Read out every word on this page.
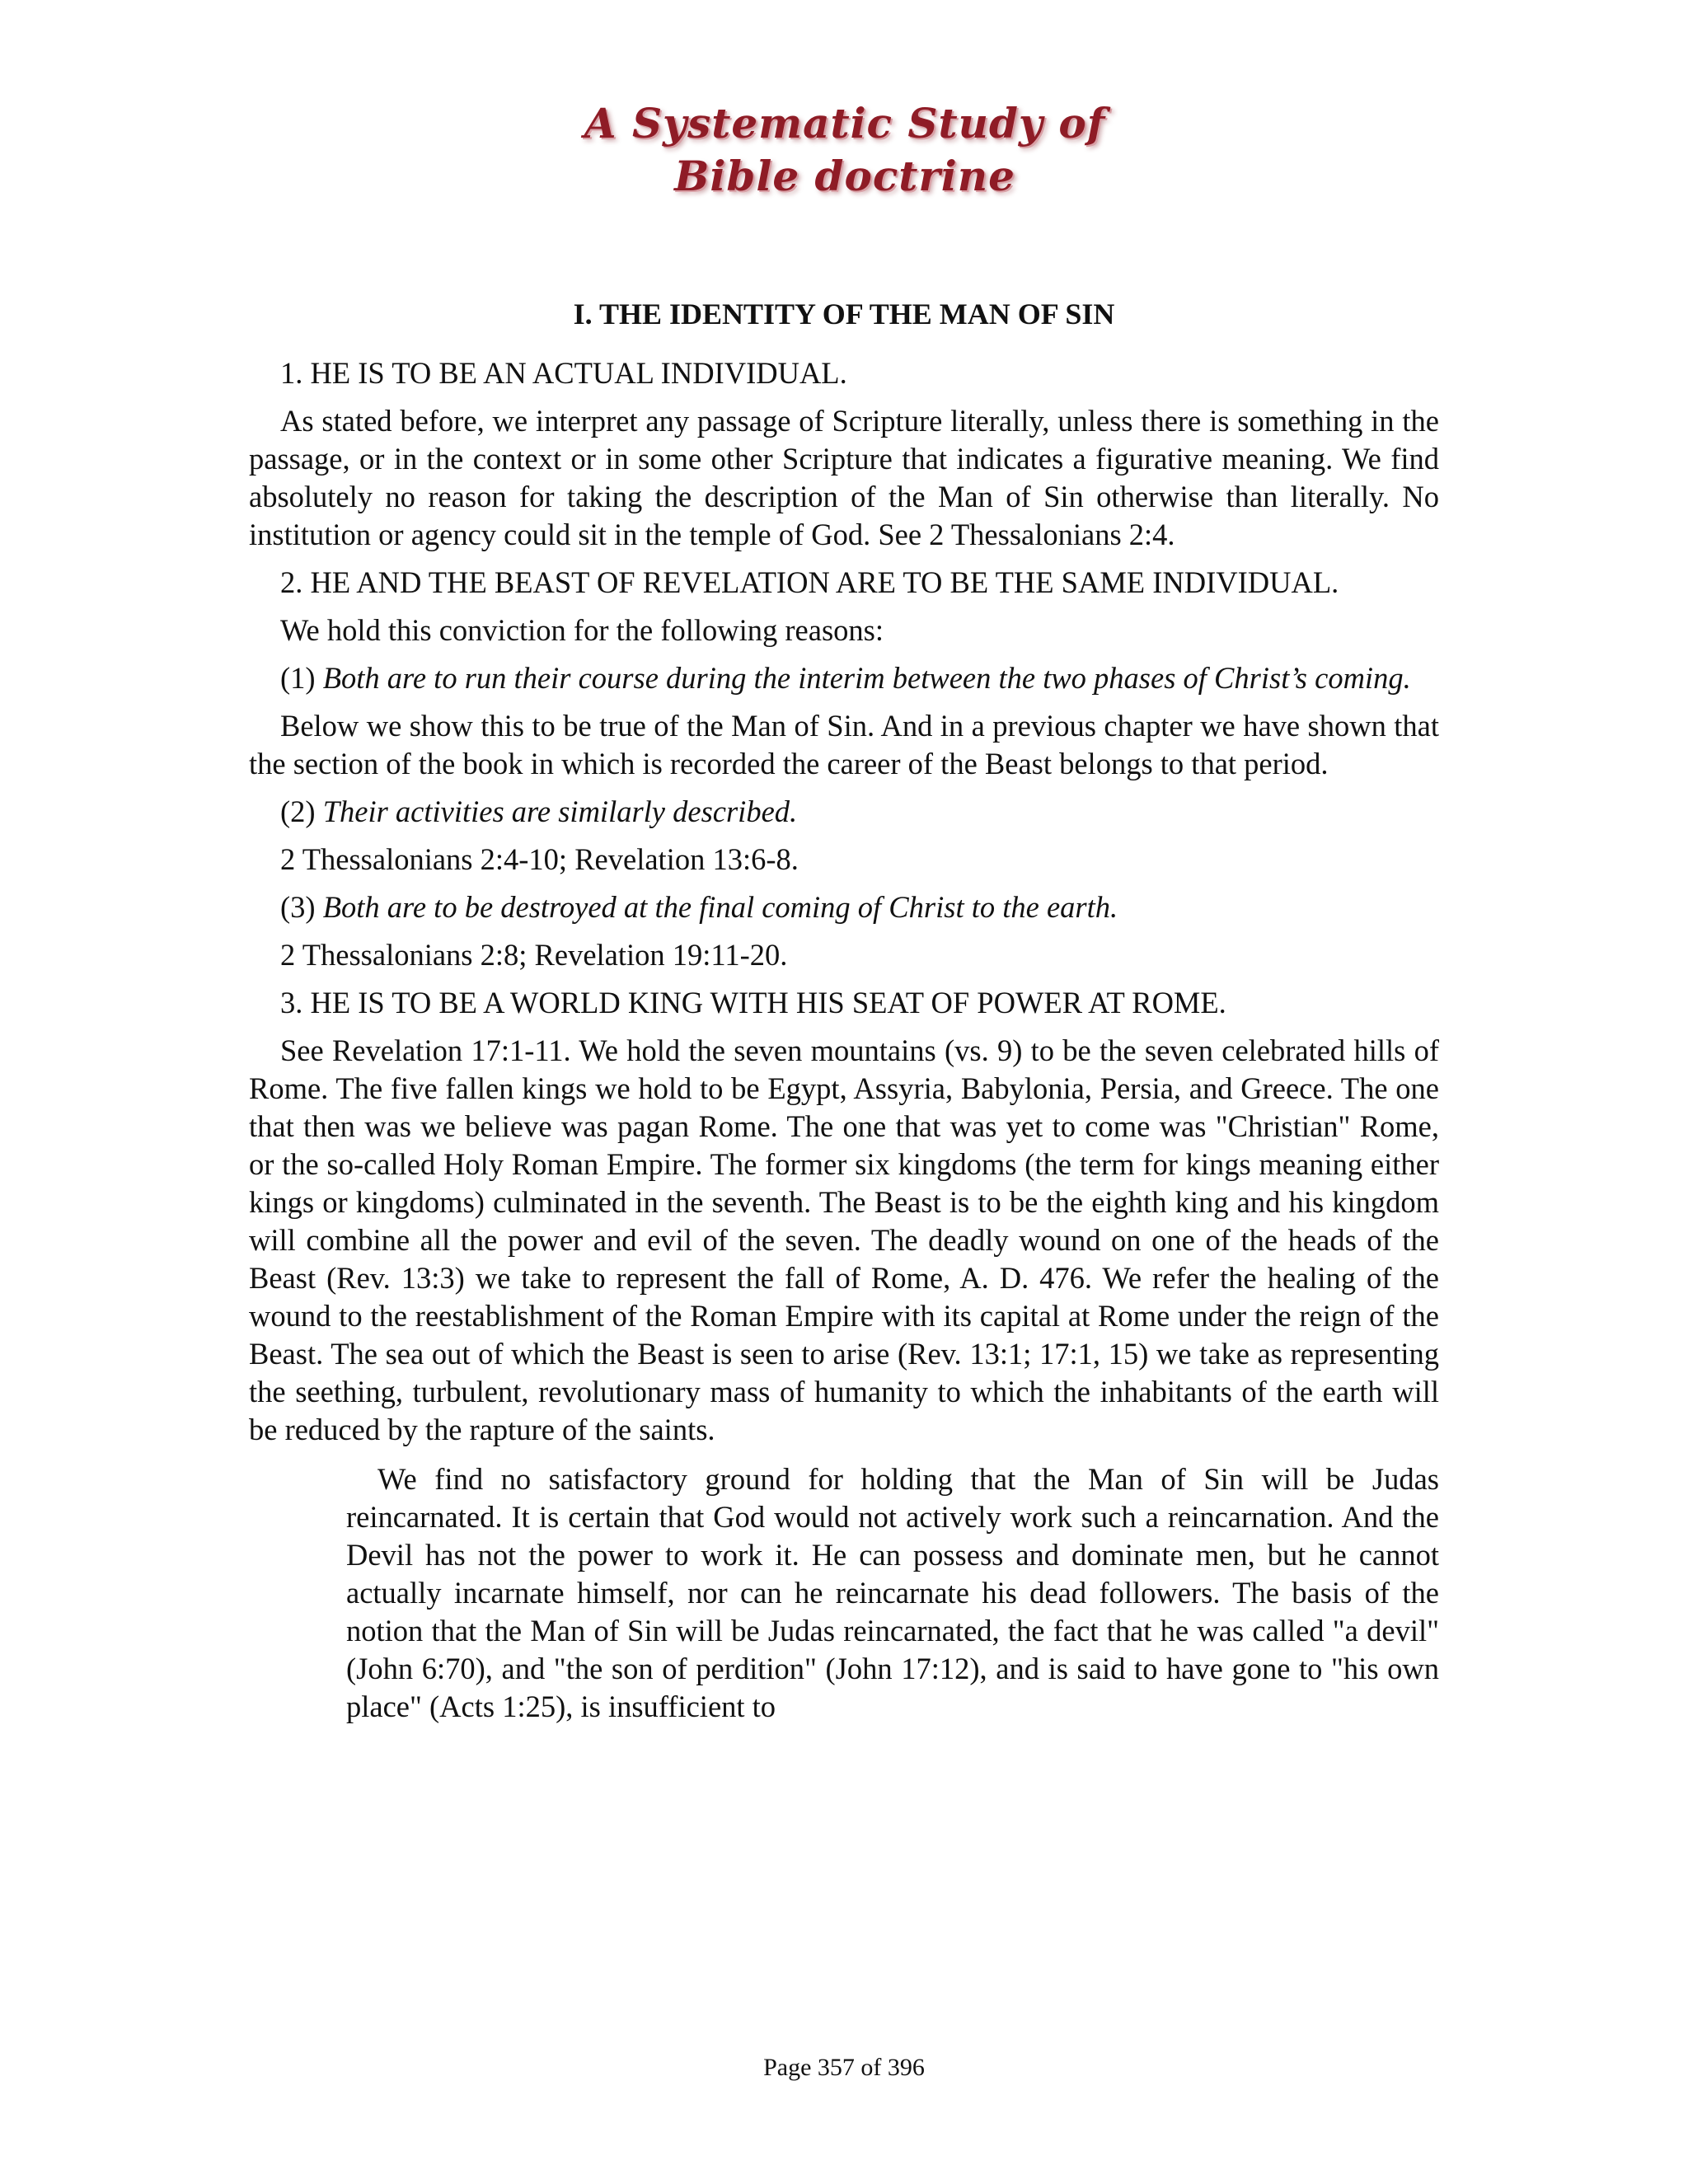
A Systematic Study of
Bible doctrine
I. THE IDENTITY OF THE MAN OF SIN
1. HE IS TO BE AN ACTUAL INDIVIDUAL.
As stated before, we interpret any passage of Scripture literally, unless there is something in the passage, or in the context or in some other Scripture that indicates a figurative meaning. We find absolutely no reason for taking the description of the Man of Sin otherwise than literally. No institution or agency could sit in the temple of God. See 2 Thessalonians 2:4.
2. HE AND THE BEAST OF REVELATION ARE TO BE THE SAME INDIVIDUAL.
We hold this conviction for the following reasons:
(1) Both are to run their course during the interim between the two phases of Christ’s coming.
Below we show this to be true of the Man of Sin. And in a previous chapter we have shown that the section of the book in which is recorded the career of the Beast belongs to that period.
(2) Their activities are similarly described.
2 Thessalonians 2:4-10; Revelation 13:6-8.
(3) Both are to be destroyed at the final coming of Christ to the earth.
2 Thessalonians 2:8; Revelation 19:11-20.
3. HE IS TO BE A WORLD KING WITH HIS SEAT OF POWER AT ROME.
See Revelation 17:1-11. We hold the seven mountains (vs. 9) to be the seven celebrated hills of Rome. The five fallen kings we hold to be Egypt, Assyria, Babylonia, Persia, and Greece. The one that then was we believe was pagan Rome. The one that was yet to come was "Christian" Rome, or the so-called Holy Roman Empire. The former six kingdoms (the term for kings meaning either kings or kingdoms) culminated in the seventh. The Beast is to be the eighth king and his kingdom will combine all the power and evil of the seven. The deadly wound on one of the heads of the Beast (Rev. 13:3) we take to represent the fall of Rome, A. D. 476. We refer the healing of the wound to the reestablishment of the Roman Empire with its capital at Rome under the reign of the Beast. The sea out of which the Beast is seen to arise (Rev. 13:1; 17:1, 15) we take as representing the seething, turbulent, revolutionary mass of humanity to which the inhabitants of the earth will be reduced by the rapture of the saints.
We find no satisfactory ground for holding that the Man of Sin will be Judas reincarnated. It is certain that God would not actively work such a reincarnation. And the Devil has not the power to work it. He can possess and dominate men, but he cannot actually incarnate himself, nor can he reincarnate his dead followers. The basis of the notion that the Man of Sin will be Judas reincarnated, the fact that he was called "a devil" (John 6:70), and "the son of perdition" (John 17:12), and is said to have gone to "his own place" (Acts 1:25), is insufficient to
Page 357 of 396
